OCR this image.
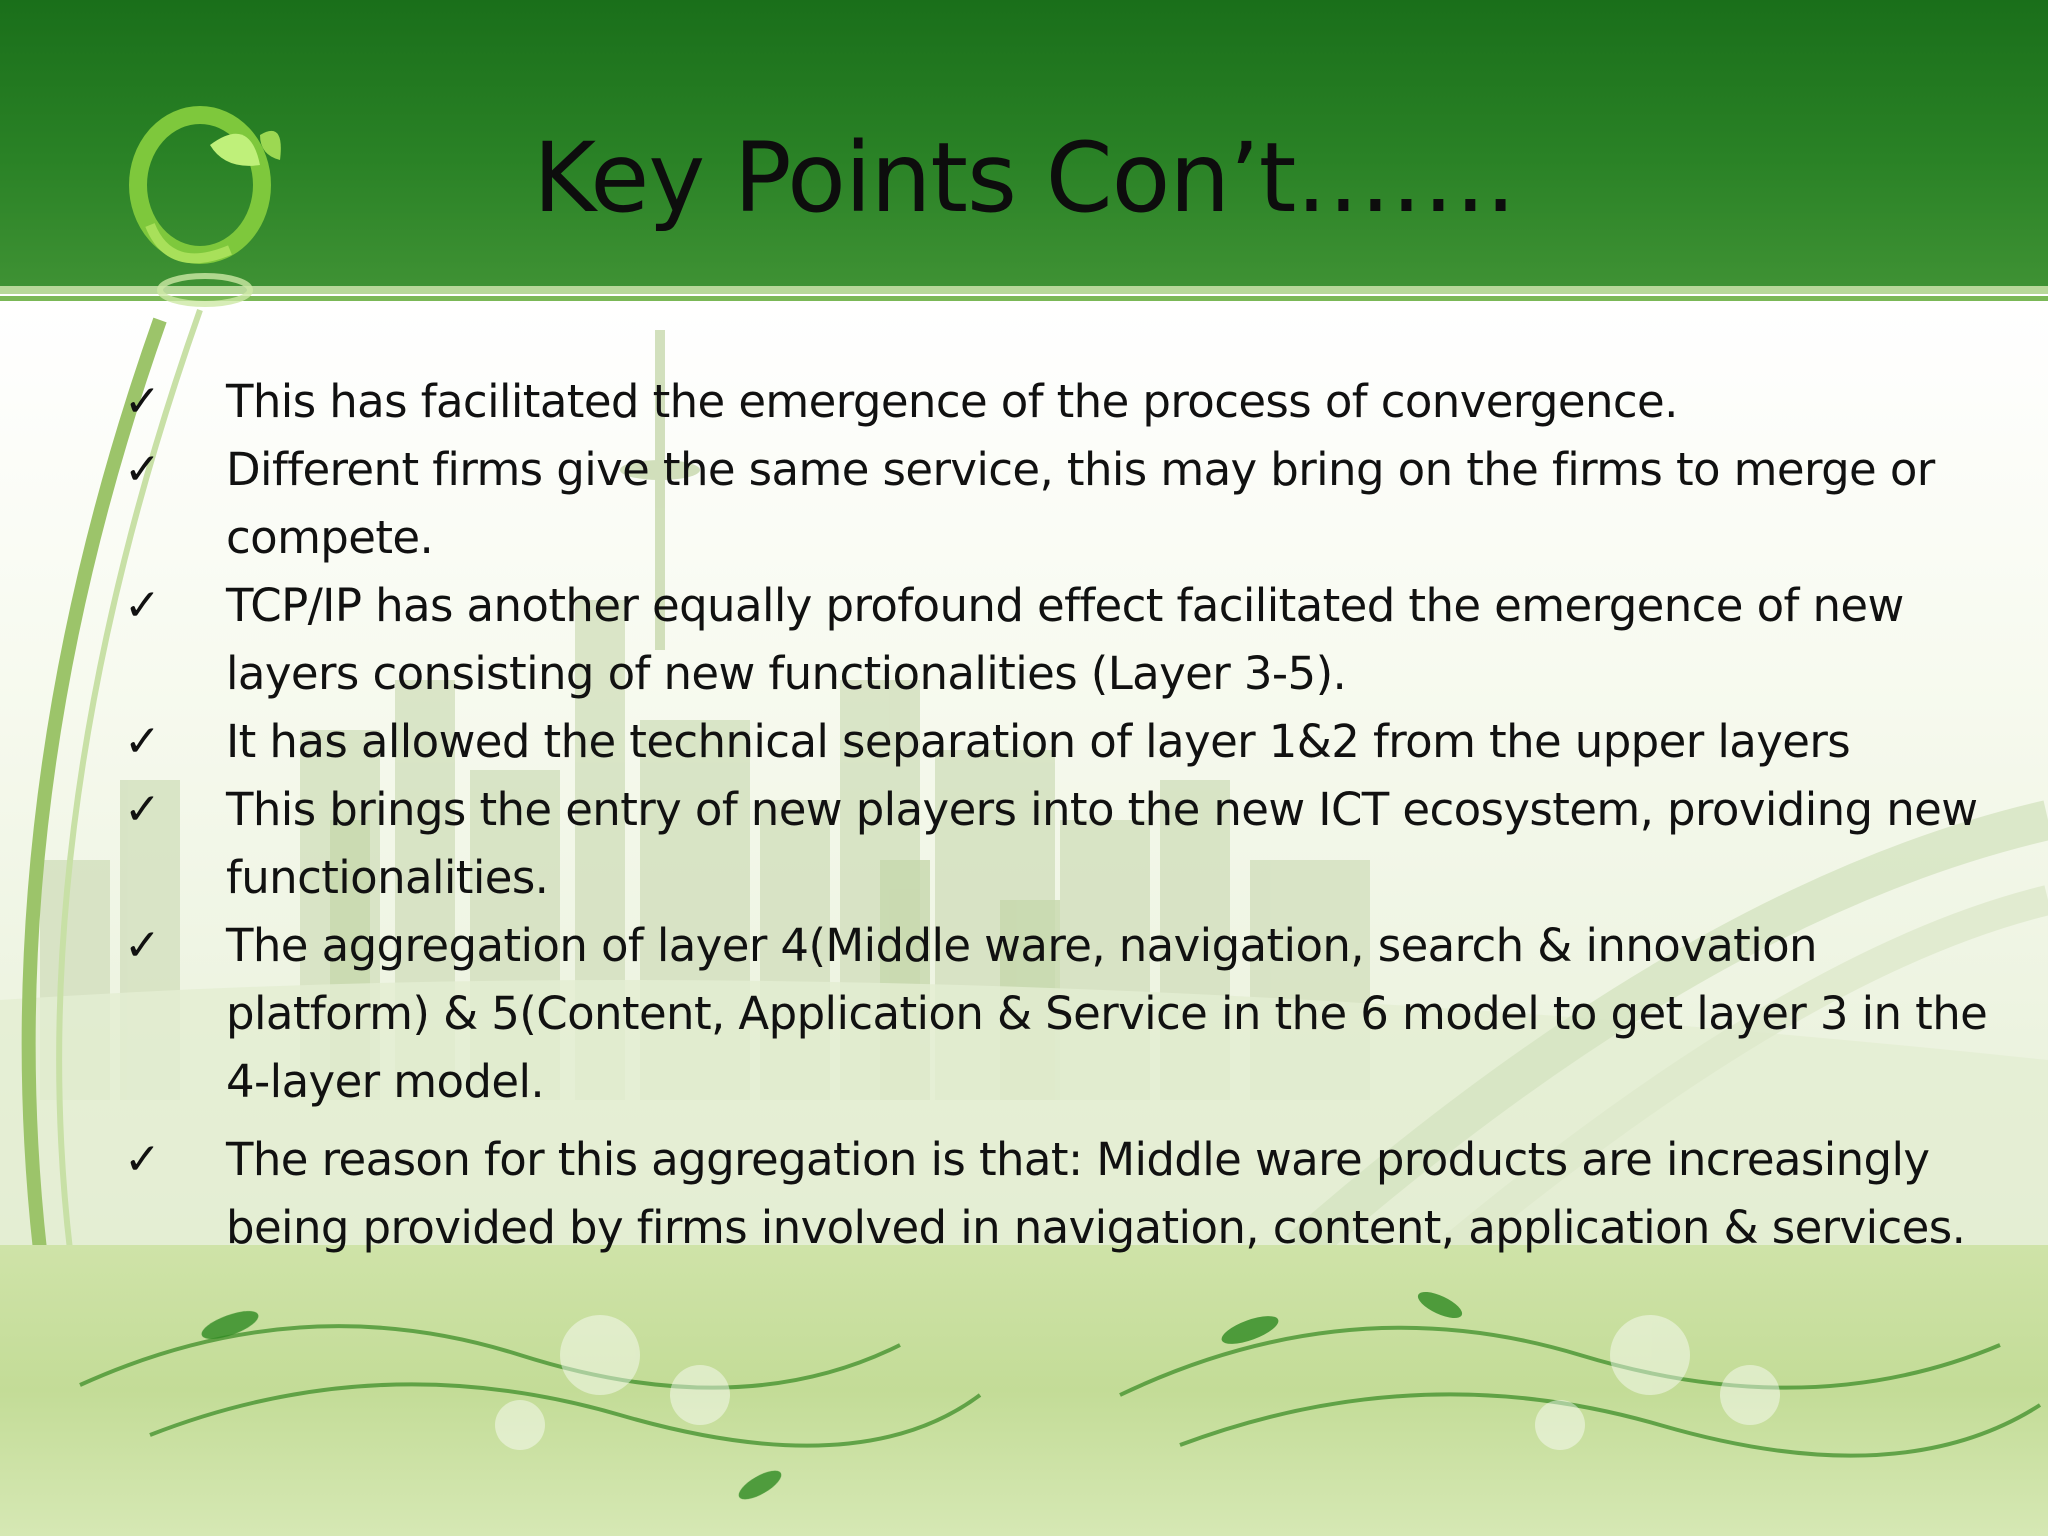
Key Points Con’t…….

✓ This has facilitated the emergence of the process of convergence.

✓ Different firms give the same service, this may bring on the firms to merge or compete.

✓ TCP/IP has another equally profound effect facilitated the emergence of new layers consisting of new functionalities (Layer 3-5).

✓ It has allowed the technical separation of layer 1&2 from the upper layers

✓ This brings the entry of new players into the new ICT ecosystem, providing new functionalities.

✓ The aggregation of layer 4(Middle ware, navigation, search & innovation platform) & 5(Content, Application & Service in the 6 model to get layer 3 in the 4-layer model.

✓ The reason for this aggregation is that: Middle ware products are increasingly being provided by firms involved in navigation, content, application & services.
